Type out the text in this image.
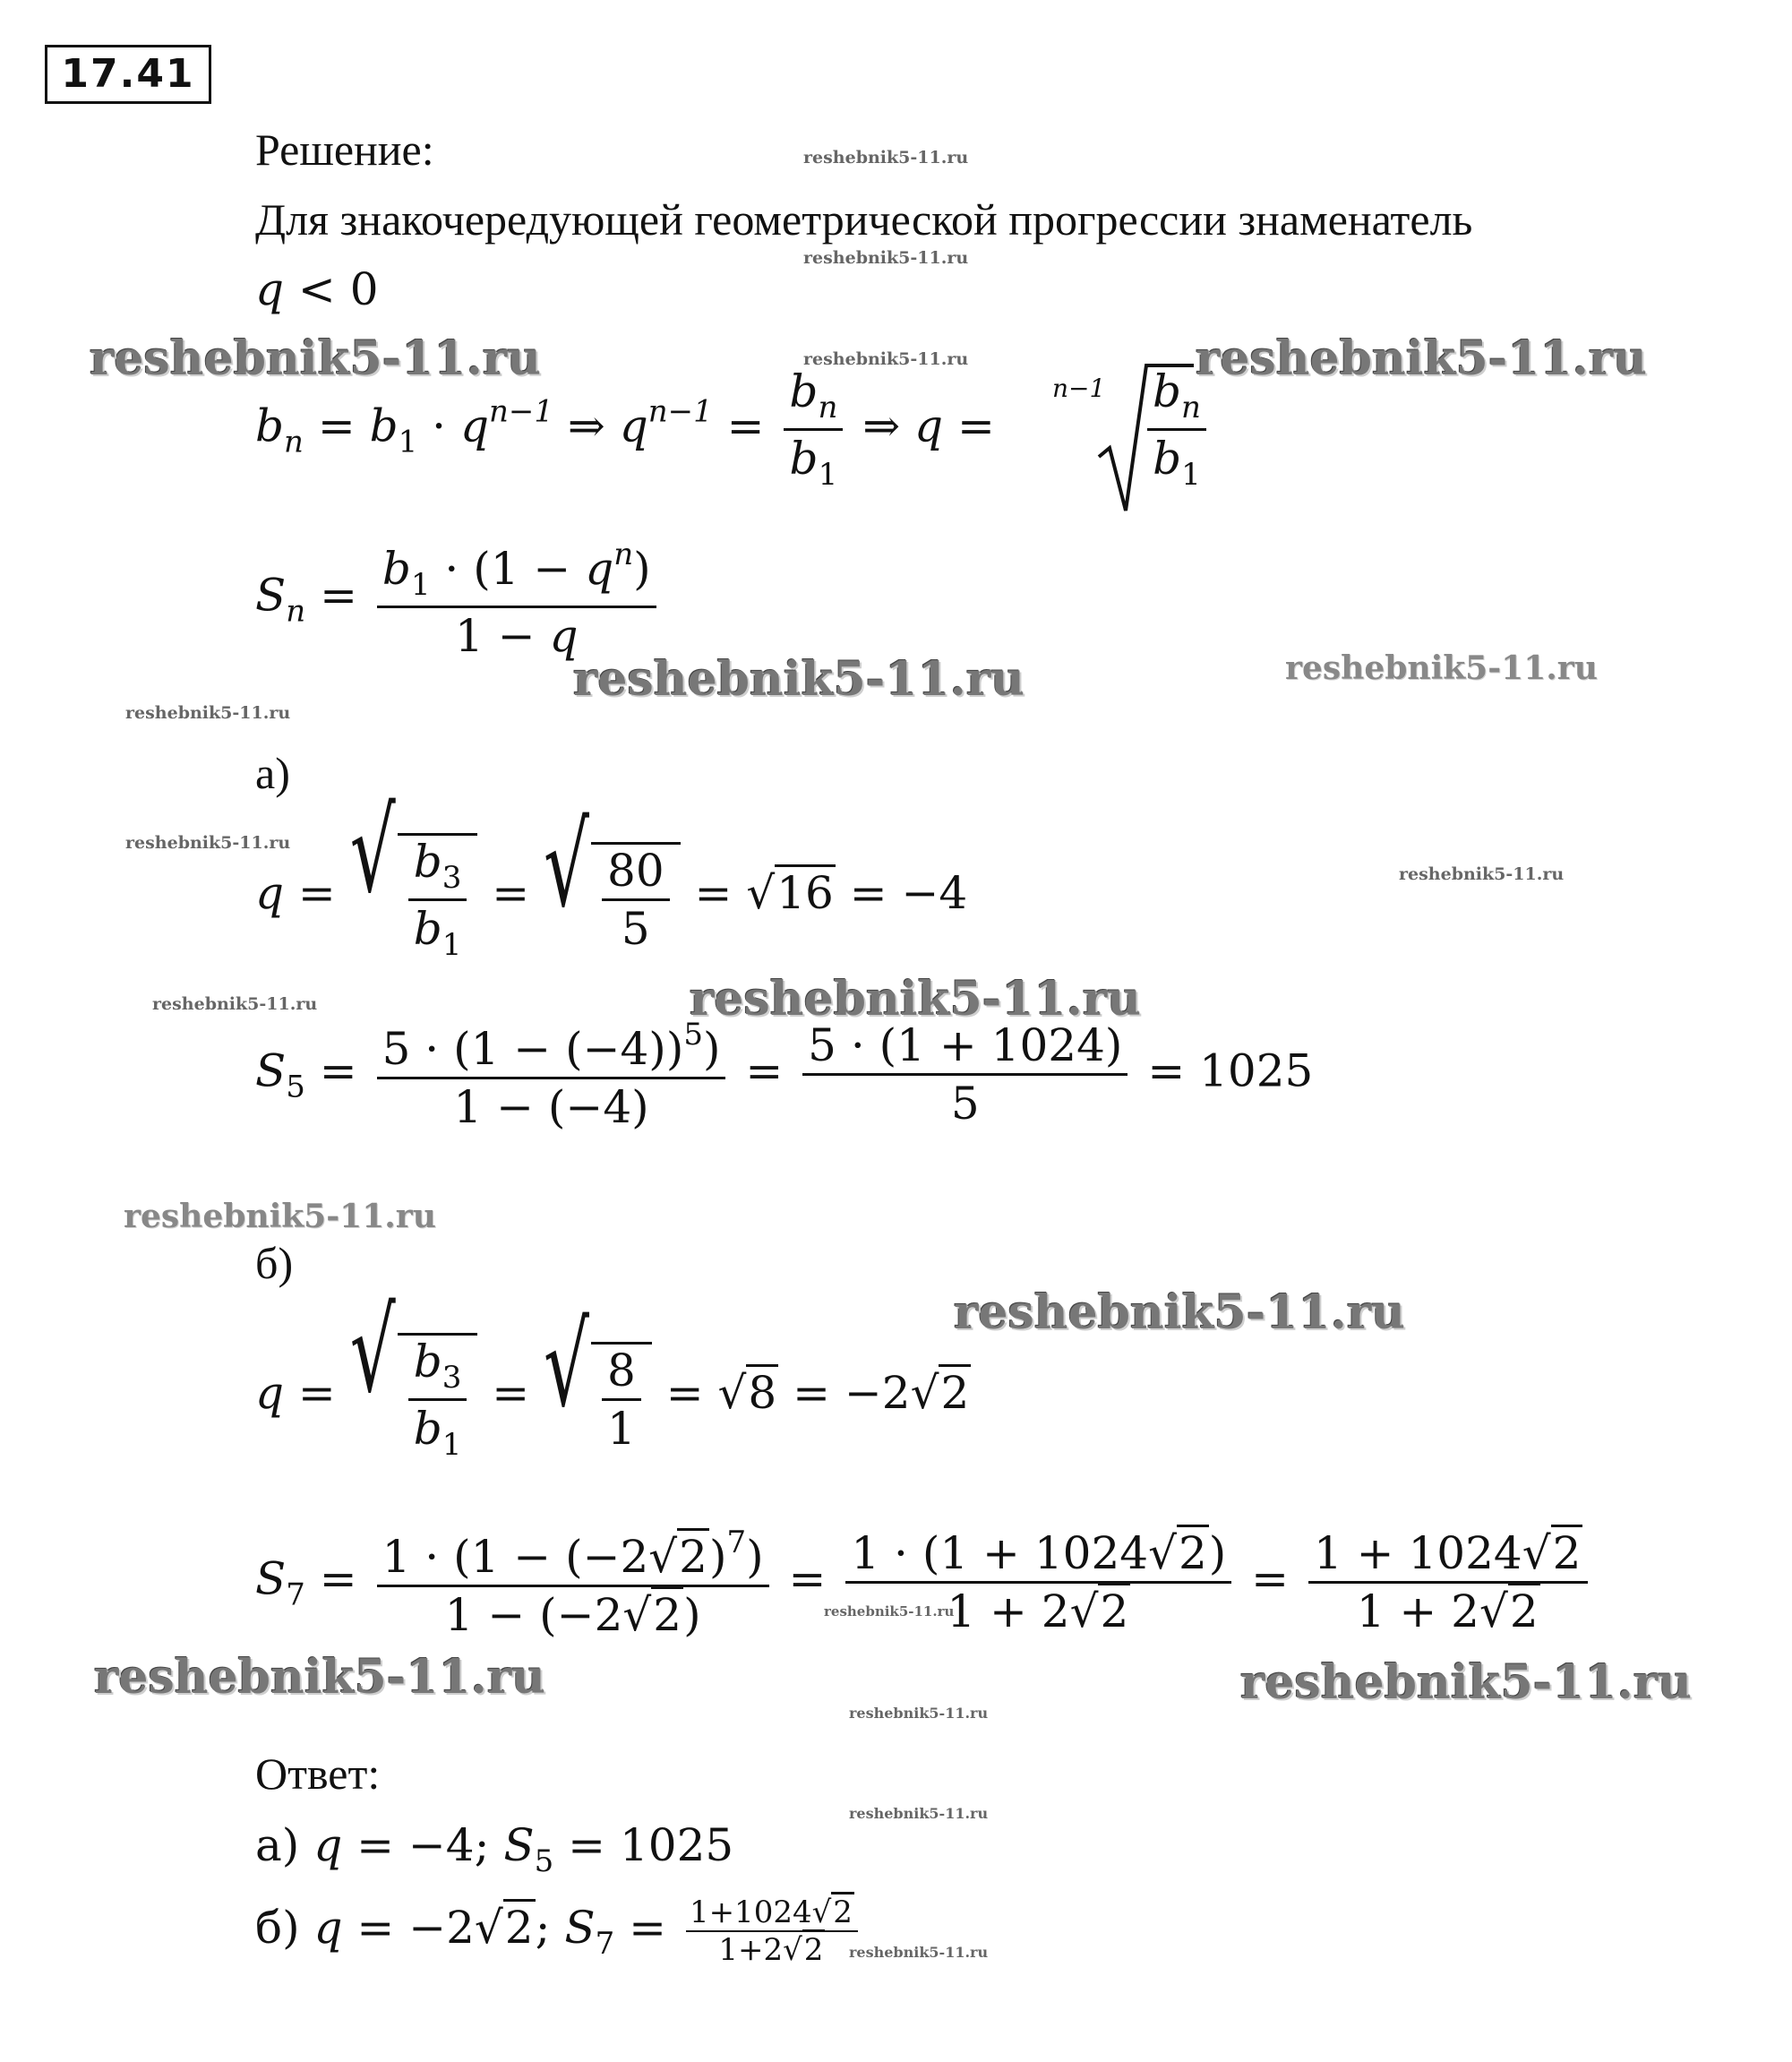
17.41
Решение:
Для знакочередующей геометрической прогрессии знаменатель
q < 0
$b_n = b_1 \cdot q^{n-1}$ ⇒ $q^{n-1} = \frac{b_n}{b_1}$ ⇒ q =
$n-1 \frac{b_n}{b_1}$
$S_n = \frac{b_1 \cdot (1 - q^n)}{1 - q}$
а)
q = √ $\frac{b_3}{b_1}$ = √ $\frac{80}{5} = √16 = -4$
$S_5 = \frac{5 \cdot (1 - (-4))^5)}{1 - (-4)} = \frac{5 \cdot (1 + 1024)}{5} = 1025$
б)
q = √ $\frac{b_3}{b_1}$ = √ $\frac{8}{1} = √8 = -2√2$
$S_7 = \frac{1 \cdot (1 - (-2√2)^7)}{1 - (-2√2)} = \frac{1 \cdot (1 + 1024√2)}{1 + 2√2} = \frac{1 + 1024√2}{1 + 2√2}$
Ответ:
а) q = −4; $S_5 = 1025$
б) q = −2√2; $S_7 = \frac{1+1024√2}{1+2√2}$
reshebnik5-11.ru	reshebnik5-11.ru
reshebnik5-11.ru	reshebnik5-11.ru
reshebnik5-11.ru
reshebnik5-11.ru
reshebnik5-11.ru
reshebnik5-11.ru	reshebnik5-11.ru
reshebnik5-11.ru
reshebnik5-11.ru
reshebnik5-11.ru
reshebnik5-11.ru
reshebnik5-11.ru
reshebnik5-11.ru
reshebnik5-11.ru
reshebnik5-11.ru
reshebnik5-11.ru
reshebnik5-11.ru
reshebnik5-11.ru
